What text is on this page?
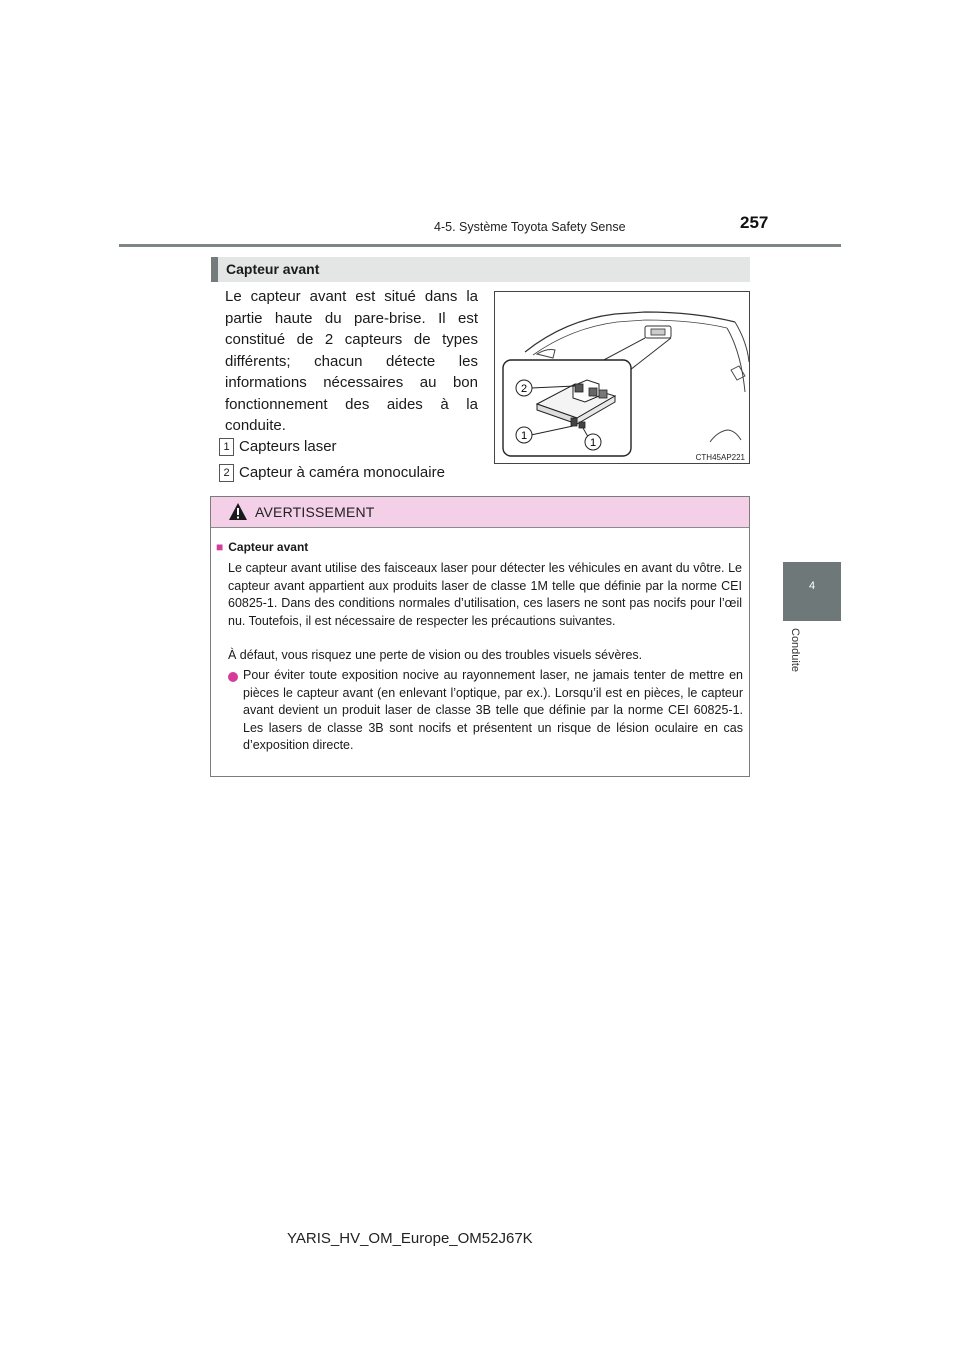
4-5. Système Toyota Safety Sense	257
4
Conduite
Capteur avant

Le capteur avant est situé dans la partie haute du pare-brise. Il est constitué de 2 capteurs de types différents; chacun détecte les informations nécessaires au bon fonctionnement des aides à la conduite.

1 Capteurs laser
2 Capteur à caméra monoculaire
2
1
1
CTH45AP221
AVERTISSEMENT
■ Capteur avant

Le capteur avant utilise des faisceaux laser pour détecter les véhicules en avant du vôtre. Le capteur avant appartient aux produits laser de classe 1M telle que définie par la norme CEI 60825-1. Dans des conditions normales d’utilisation, ces lasers ne sont pas nocifs pour l’œil nu. Toutefois, il est nécessaire de respecter les précautions suivantes.

À défaut, vous risquez une perte de vision ou des troubles visuels sévères.

Pour éviter toute exposition nocive au rayonnement laser, ne jamais tenter de mettre en pièces le capteur avant (en enlevant l’optique, par ex.). Lorsqu’il est en pièces, le capteur avant devient un produit laser de classe 3B telle que définie par la norme CEI 60825-1. Les lasers de classe 3B sont nocifs et présentent un risque de lésion oculaire en cas d’exposition directe.

YARIS_HV_OM_Europe_OM52J67K
